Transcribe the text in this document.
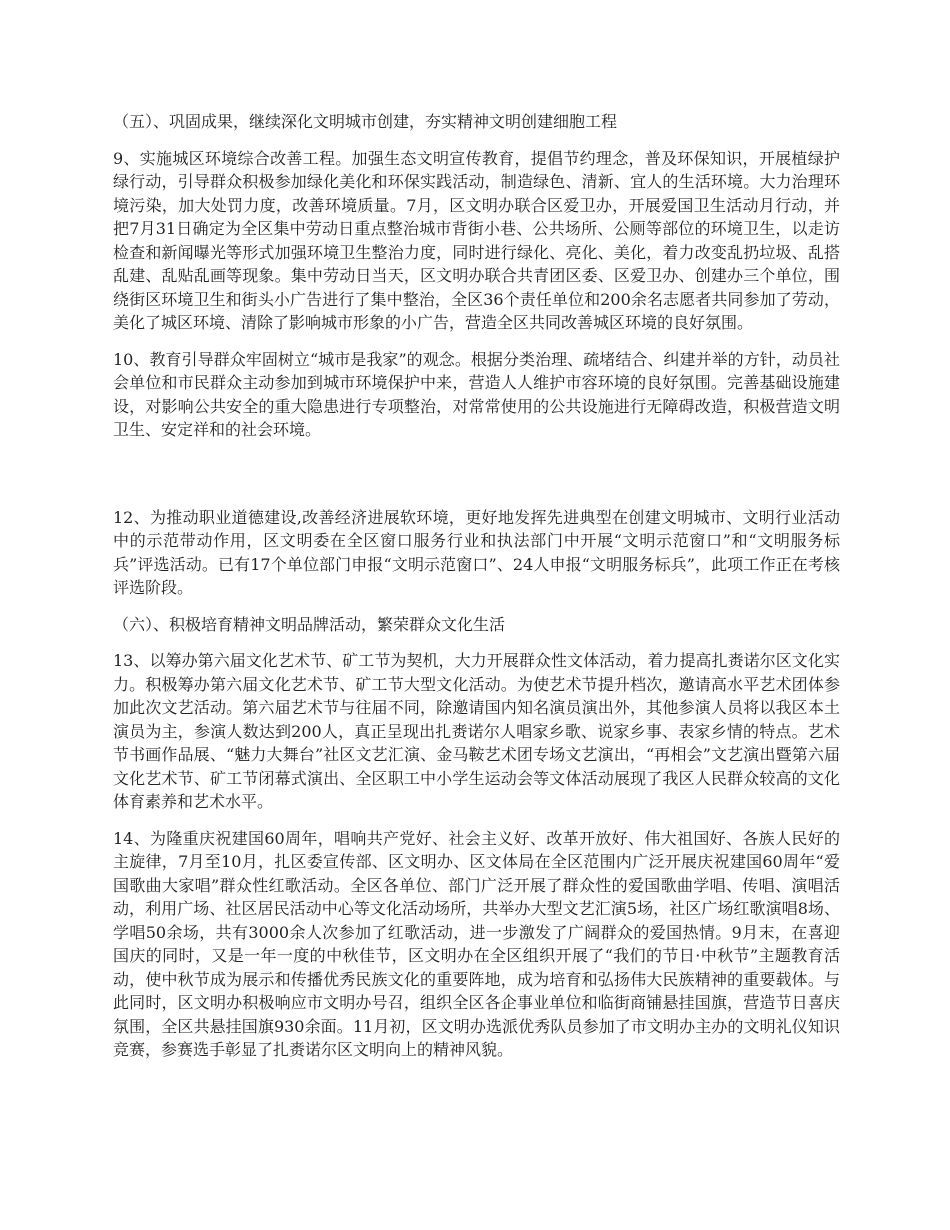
（五）、巩固成果，继续深化文明城市创建，夯实精神文明创建细胞工程

9、实施城区环境综合改善工程。加强生态文明宣传教育，提倡节约理念，普及环保知识，开展植绿护绿行动，引导群众积极参加绿化美化和环保实践活动，制造绿色、清新、宜人的生活环境。大力治理环境污染，加大处罚力度，改善环境质量。7月，区文明办联合区爱卫办，开展爱国卫生活动月行动，并把7月31日确定为全区集中劳动日重点整治城市背街小巷、公共场所、公厕等部位的环境卫生，以走访检查和新闻曝光等形式加强环境卫生整治力度，同时进行绿化、亮化、美化，着力改变乱扔垃圾、乱搭乱建、乱贴乱画等现象。集中劳动日当天，区文明办联合共青团区委、区爱卫办、创建办三个单位，围绕街区环境卫生和街头小广告进行了集中整治，全区36个责任单位和200余名志愿者共同参加了劳动，美化了城区环境、清除了影响城市形象的小广告，营造全区共同改善城区环境的良好氛围。

10、教育引导群众牢固树立“城市是我家”的观念。根据分类治理、疏堵结合、纠建并举的方针，动员社会单位和市民群众主动参加到城市环境保护中来，营造人人维护市容环境的良好氛围。完善基础设施建设，对影响公共安全的重大隐患进行专项整治，对常常使用的公共设施进行无障碍改造，积极营造文明卫生、安定祥和的社会环境。

12、为推动职业道德建设,改善经济进展软环境，更好地发挥先进典型在创建文明城市、文明行业活动中的示范带动作用，区文明委在全区窗口服务行业和执法部门中开展“文明示范窗口”和“文明服务标兵”评选活动。已有17个单位部门申报“文明示范窗口”、24人申报“文明服务标兵”，此项工作正在考核评选阶段。

（六）、积极培育精神文明品牌活动，繁荣群众文化生活

13、以筹办第六届文化艺术节、矿工节为契机，大力开展群众性文体活动，着力提高扎赉诺尔区文化实力。积极筹办第六届文化艺术节、矿工节大型文化活动。为使艺术节提升档次，邀请高水平艺术团体参加此次文艺活动。第六届艺术节与往届不同，除邀请国内知名演员演出外，其他参演人员将以我区本土演员为主，参演人数达到200人，真正呈现出扎赉诺尔人唱家乡歌、说家乡事、表家乡情的特点。艺术节书画作品展、“魅力大舞台”社区文艺汇演、金马鞍艺术团专场文艺演出，“再相会”文艺演出暨第六届文化艺术节、矿工节闭幕式演出、全区职工中小学生运动会等文体活动展现了我区人民群众较高的文化体育素养和艺术水平。

14、为隆重庆祝建国60周年，唱响共产党好、社会主义好、改革开放好、伟大祖国好、各族人民好的主旋律，7月至10月，扎区委宣传部、区文明办、区文体局在全区范围内广泛开展庆祝建国60周年“爱国歌曲大家唱”群众性红歌活动。全区各单位、部门广泛开展了群众性的爱国歌曲学唱、传唱、演唱活动，利用广场、社区居民活动中心等文化活动场所，共举办大型文艺汇演5场，社区广场红歌演唱8场、学唱50余场，共有3000余人次参加了红歌活动，进一步激发了广阔群众的爱国热情。9月末，在喜迎国庆的同时，又是一年一度的中秋佳节，区文明办在全区组织开展了“我们的节日·中秋节”主题教育活动，使中秋节成为展示和传播优秀民族文化的重要阵地，成为培育和弘扬伟大民族精神的重要载体。与此同时，区文明办积极响应市文明办号召，组织全区各企事业单位和临街商铺悬挂国旗，营造节日喜庆氛围，全区共悬挂国旗930余面。11月初，区文明办选派优秀队员参加了市文明办主办的文明礼仪知识竞赛，参赛选手彰显了扎赉诺尔区文明向上的精神风貌。
